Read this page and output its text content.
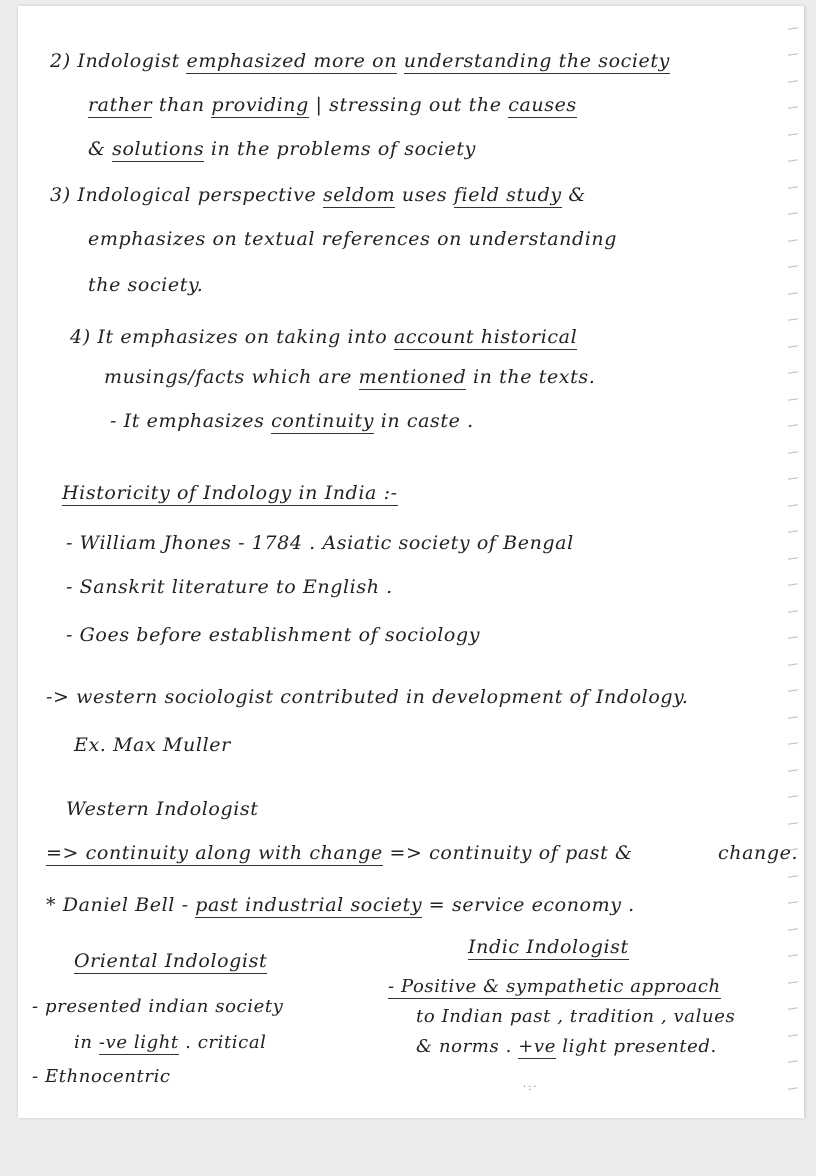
2) Indologist emphasized more on understanding the society
rather than providing | stressing out the causes
& solutions in the problems of society
3) Indological perspective seldom uses field study &
emphasizes on textual references on understanding
the society.
4) It emphasizes on taking into account historical
musings/facts which are mentioned in the texts.
- It emphasizes continuity in caste .
Historicity of Indology in India :-
- William Jhones - 1784 . Asiatic society of Bengal
- Sanskrit literature to English .
- Goes before establishment of sociology
-> western sociologist contributed in development of Indology.
Ex. Max Muller
Western Indologist
=> continuity along with change => continuity of past &	change.
* Daniel Bell - past industrial society = service economy .
Oriental Indologist
Indic Indologist
- presented indian society
- Positive & sympathetic approach
in -ve light . critical
to Indian past , tradition , values
& norms . +ve light presented.
- Ethnocentric
·:·
